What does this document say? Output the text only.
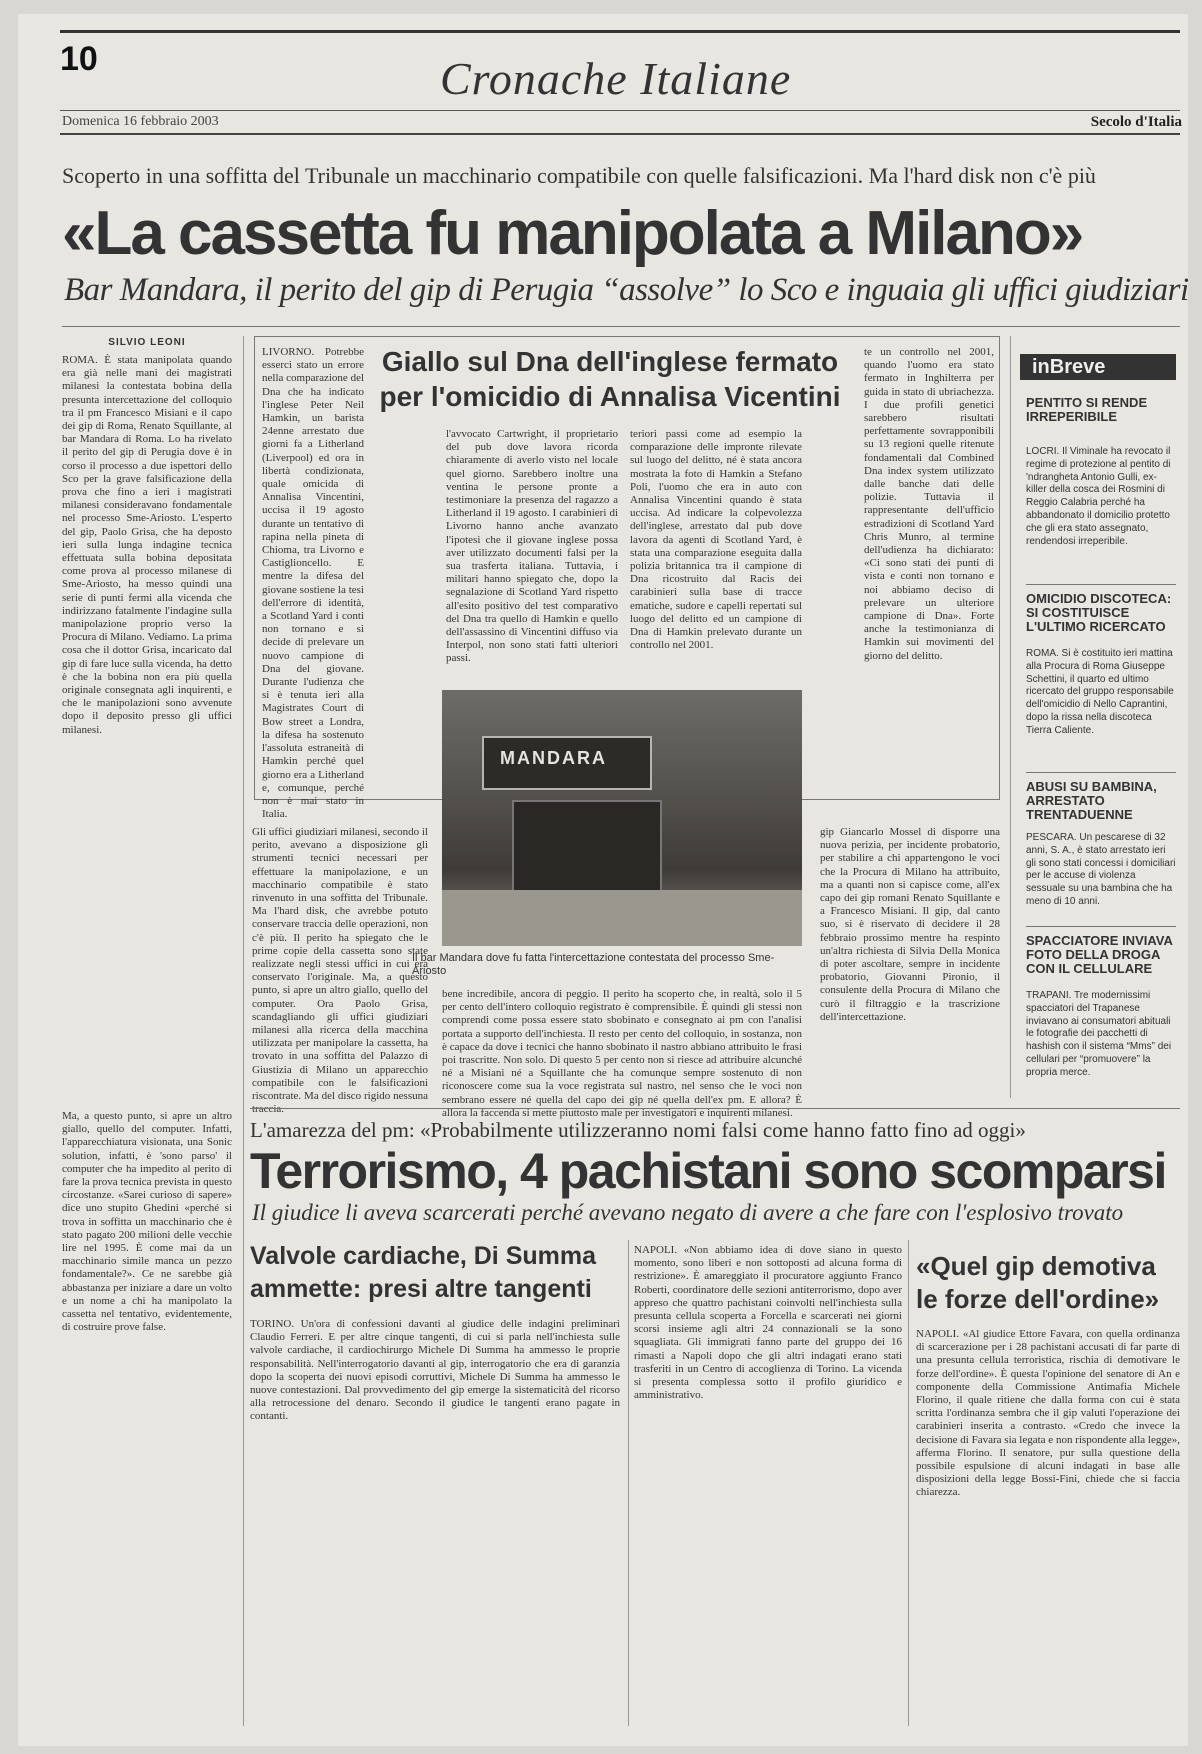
10	Cronache Italiane
Domenica 16 febbraio 2003	Secolo d'Italia
Scoperto in una soffitta del Tribunale un macchinario compatibile con quelle falsificazioni. Ma l'hard disk non c'è più
«La cassetta fu manipolata a Milano»
Bar Mandara, il perito del gip di Perugia “assolve” lo Sco e inguaia gli uffici giudiziari
SILVIO LEONI
ROMA. È stata manipolata quando era già nelle mani dei magistrati milanesi la contestata bobina della presunta intercettazione del colloquio tra il pm Francesco Misiani e il capo dei gip di Roma, Renato Squillante, al bar Mandara di Roma. Lo ha rivelato il perito del gip di Perugia dove è in corso il processo a due ispettori dello Sco per la grave falsificazione della prova che fino a ieri i magistrati milanesi consideravano fondamentale nel processo Sme-Ariosto. L'esperto del gip, Paolo Grisa, che ha deposto ieri sulla lunga indagine tecnica effettuata sulla bobina depositata come prova al processo milanese di Sme-Ariosto, ha messo quindi una serie di punti fermi alla vicenda che indirizzano fatalmente l'indagine sulla manipolazione proprio verso la Procura di Milano. Vediamo. La prima cosa che il dottor Grisa, incaricato dal gip di fare luce sulla vicenda, ha detto è che la bobina non era più quella originale consegnata agli inquirenti, e che le manipolazioni sono avvenute dopo il deposito presso gli uffici milanesi.
Giallo sul Dna dell'inglese fermato per l'omicidio di Annalisa Vicentini
LIVORNO. Potrebbe esserci stato un errore nella comparazione del Dna che ha indicato l'inglese Peter Neil Hamkin, un barista 24enne arrestato due giorni fa a Litherland (Liverpool) ed ora in libertà condizionata, quale omicida di Annalisa Vincentini, uccisa il 19 agosto durante un tentativo di rapina nella pineta di Chioma, tra Livorno e Castiglioncello. E mentre la difesa del giovane sostiene la tesi dell'errore di identità, a Scotland Yard i conti non tornano e si decide di prelevare un nuovo campione di Dna del giovane. Durante l'udienza che si è tenuta ieri alla Magistrates Court di Bow street a Londra, la difesa ha sostenuto l'assoluta estraneità di Hamkin perché quel giorno era a Litherland e, comunque, perché non è mai stato in Italia.
l'avvocato Cartwright, il proprietario del pub dove lavora ricorda chiaramente di averlo visto nel locale quel giorno. Sarebbero inoltre una ventina le persone pronte a testimoniare la presenza del ragazzo a Litherland il 19 agosto. I carabinieri di Livorno hanno anche avanzato l'ipotesi che il giovane inglese possa aver utilizzato documenti falsi per la sua trasferta italiana. Tuttavia, i militari hanno spiegato che, dopo la segnalazione di Scotland Yard rispetto all'esito positivo del test comparativo del Dna tra quello di Hamkin e quello dell'assassino di Vincentini diffuso via Interpol, non sono stati fatti ulteriori passi.
teriori passi come ad esempio la comparazione delle impronte rilevate sul luogo del delitto, né è stata ancora mostrata la foto di Hamkin a Stefano Poli, l'uomo che era in auto con Annalisa Vincentini quando è stata uccisa. Ad indicare la colpevolezza dell'inglese, arrestato dal pub dove lavora da agenti di Scotland Yard, è stata una comparazione eseguita dalla polizia britannica tra il campione di Dna ricostruito dal Racis dei carabinieri sulla base di tracce ematiche, sudore e capelli repertati sul luogo del delitto ed un campione di Dna di Hamkin prelevato durante un controllo nel 2001.
te un controllo nel 2001, quando l'uomo era stato fermato in Inghilterra per guida in stato di ubriachezza. I due profili genetici sarebbero risultati perfettamente sovrapponibili su 13 regioni quelle ritenute fondamentali dal Combined Dna index system utilizzato dalle banche dati delle polizie. Tuttavia il rappresentante dell'ufficio estradizioni di Scotland Yard Chris Munro, al termine dell'udienza ha dichiarato: «Ci sono stati dei punti di vista e conti non tornano e noi abbiamo deciso di prelevare un ulteriore campione di Dna». Forte anche la testimonianza di Hamkin sui movimenti del giorno del delitto.
MANDARA
Il bar Mandara dove fu fatta l'intercettazione contestata del processo Sme-Ariosto
Gli uffici giudiziari milanesi, secondo il perito, avevano a disposizione gli strumenti tecnici necessari per effettuare la manipolazione, e un macchinario compatibile è stato rinvenuto in una soffitta del Tribunale. Ma l'hard disk, che avrebbe potuto conservare traccia delle operazioni, non c'è più. Il perito ha spiegato che le prime copie della cassetta sono state realizzate negli stessi uffici in cui era conservato l'originale. Ma, a questo punto, si apre un altro giallo, quello del computer. Ora Paolo Grisa, scandagliando gli uffici giudiziari milanesi alla ricerca della macchina utilizzata per manipolare la cassetta, ha trovato in una soffitta del Palazzo di Giustizia di Milano un apparecchio compatibile con le falsificazioni riscontrate. Ma del disco rigido nessuna traccia.
bene incredibile, ancora di peggio. Il perito ha scoperto che, in realtà, solo il 5 per cento dell'intero colloquio registrato è comprensibile. È quindi gli stessi non comprendi come possa essere stato sbobinato e consegnato ai pm con l'analisi portata a supporto dell'inchiesta. Il resto per cento del colloquio, in sostanza, non è capace da dove i tecnici che hanno sbobinato il nastro abbiano attribuito le frasi poi trascritte. Non solo. Di questo 5 per cento non si riesce ad attribuire alcunché né a Misiani né a Squillante che ha comunque sempre sostenuto di non riconoscere come sua la voce registrata sul nastro, nel senso che le voci non sembrano essere né quella del capo dei gip né quella dell'ex pm. E allora? È allora la faccenda si mette piuttosto male per investigatori e inquirenti milanesi.
gip Giancarlo Mossel di disporre una nuova perizia, per incidente probatorio, per stabilire a chi appartengono le voci che la Procura di Milano ha attribuito, ma a quanti non si capisce come, all'ex capo dei gip romani Renato Squillante e a Francesco Misiani. Il gip, dal canto suo, si è riservato di decidere il 28 febbraio prossimo mentre ha respinto un'altra richiesta di Silvia Della Monica di poter ascoltare, sempre in incidente probatorio, Giovanni Pironio, il consulente della Procura di Milano che curò il filtraggio e la trascrizione dell'intercettazione.
inBreve
PENTITO SI RENDE IRREPERIBILE
LOCRI. Il Viminale ha revocato il regime di protezione al pentito di 'ndrangheta Antonio Gulli, ex-killer della cosca dei Rosmini di Reggio Calabria perché ha abbandonato il domicilio protetto che gli era stato assegnato, rendendosi irreperibile.
OMICIDIO DISCOTECA: SI COSTITUISCE L'ULTIMO RICERCATO
ROMA. Si è costituito ieri mattina alla Procura di Roma Giuseppe Schettini, il quarto ed ultimo ricercato del gruppo responsabile dell'omicidio di Nello Caprantini, dopo la rissa nella discoteca Tierra Caliente.
ABUSI SU BAMBINA, ARRESTATO TRENTADUENNE
PESCARA. Un pescarese di 32 anni, S. A., è stato arrestato ieri gli sono stati concessi i domiciliari per le accuse di violenza sessuale su una bambina che ha meno di 10 anni.
SPACCIATORE INVIAVA FOTO DELLA DROGA CON IL CELLULARE
TRAPANI. Tre modernissimi spacciatori del Trapanese inviavano ai consumatori abituali le fotografie dei pacchetti di hashish con il sistema “Mms” dei cellulari per “promuovere” la propria merce.
L'amarezza del pm: «Probabilmente utilizzeranno nomi falsi come hanno fatto fino ad oggi»
Terrorismo, 4 pachistani sono scomparsi
Il giudice li aveva scarcerati perché avevano negato di avere a che fare con l'esplosivo trovato
Ma, a questo punto, si apre un altro giallo, quello del computer. Infatti, l'apparecchiatura visionata, una Sonic solution, infatti, è 'sono parso' il computer che ha impedito al perito di fare la prova tecnica prevista in questo circostanze. «Sarei curioso di sapere» dice uno stupito Ghedini «perché si trova in soffitta un macchinario che è stato pagato 200 milioni delle vecchie lire nel 1995. È come mai da un macchinario simile manca un pezzo fondamentale?». Ce ne sarebbe già abbastanza per iniziare a dare un volto e un nome a chi ha manipolato la cassetta nel tentativo, evidentemente, di costruire prove false.
Valvole cardiache, Di Summa ammette: presi altre tangenti
TORINO. Un'ora di confessioni davanti al giudice delle indagini preliminari Claudio Ferreri. E per altre cinque tangenti, di cui si parla nell'inchiesta sulle valvole cardiache, il cardiochirurgo Michele Di Summa ha ammesso le proprie responsabilità. Nell'interrogatorio davanti al gip, interrogatorio che era di garanzia dopo la scoperta dei nuovi episodi corruttivi, Michele Di Summa ha ammesso le nuove contestazioni. Dal provvedimento del gip emerge la sistematicità del ricorso alla retrocessione del denaro. Secondo il giudice le tangenti erano pagate in contanti.
NAPOLI. «Non abbiamo idea di dove siano in questo momento, sono liberi e non sottoposti ad alcuna forma di restrizione». È amareggiato il procuratore aggiunto Franco Roberti, coordinatore delle sezioni antiterrorismo, dopo aver appreso che quattro pachistani coinvolti nell'inchiesta sulla presunta cellula scoperta a Forcella e scarcerati nei giorni scorsi insieme agli altri 24 connazionali se la sono squagliata. Gli immigrati fanno parte del gruppo dei 16 rimasti a Napoli dopo che gli altri indagati erano stati trasferiti in un Centro di accoglienza di Torino. La vicenda si presenta complessa sotto il profilo giuridico e amministrativo.
«Quel gip demotiva le forze dell'ordine»
NAPOLI. «Al giudice Ettore Favara, con quella ordinanza di scarcerazione per i 28 pachistani accusati di far parte di una presunta cellula terroristica, rischia di demotivare le forze dell'ordine». È questa l'opinione del senatore di An e componente della Commissione Antimafia Michele Florino, il quale ritiene che dalla forma con cui è stata scritta l'ordinanza sembra che il gip valuti l'operazione dei carabinieri inserita a contrasto. «Credo che invece la decisione di Favara sia legata e non rispondente alla legge», afferma Florino. Il senatore, pur sulla questione della possibile espulsione di alcuni indagati in base alle disposizioni della legge Bossi-Fini, chiede che si faccia chiarezza.
